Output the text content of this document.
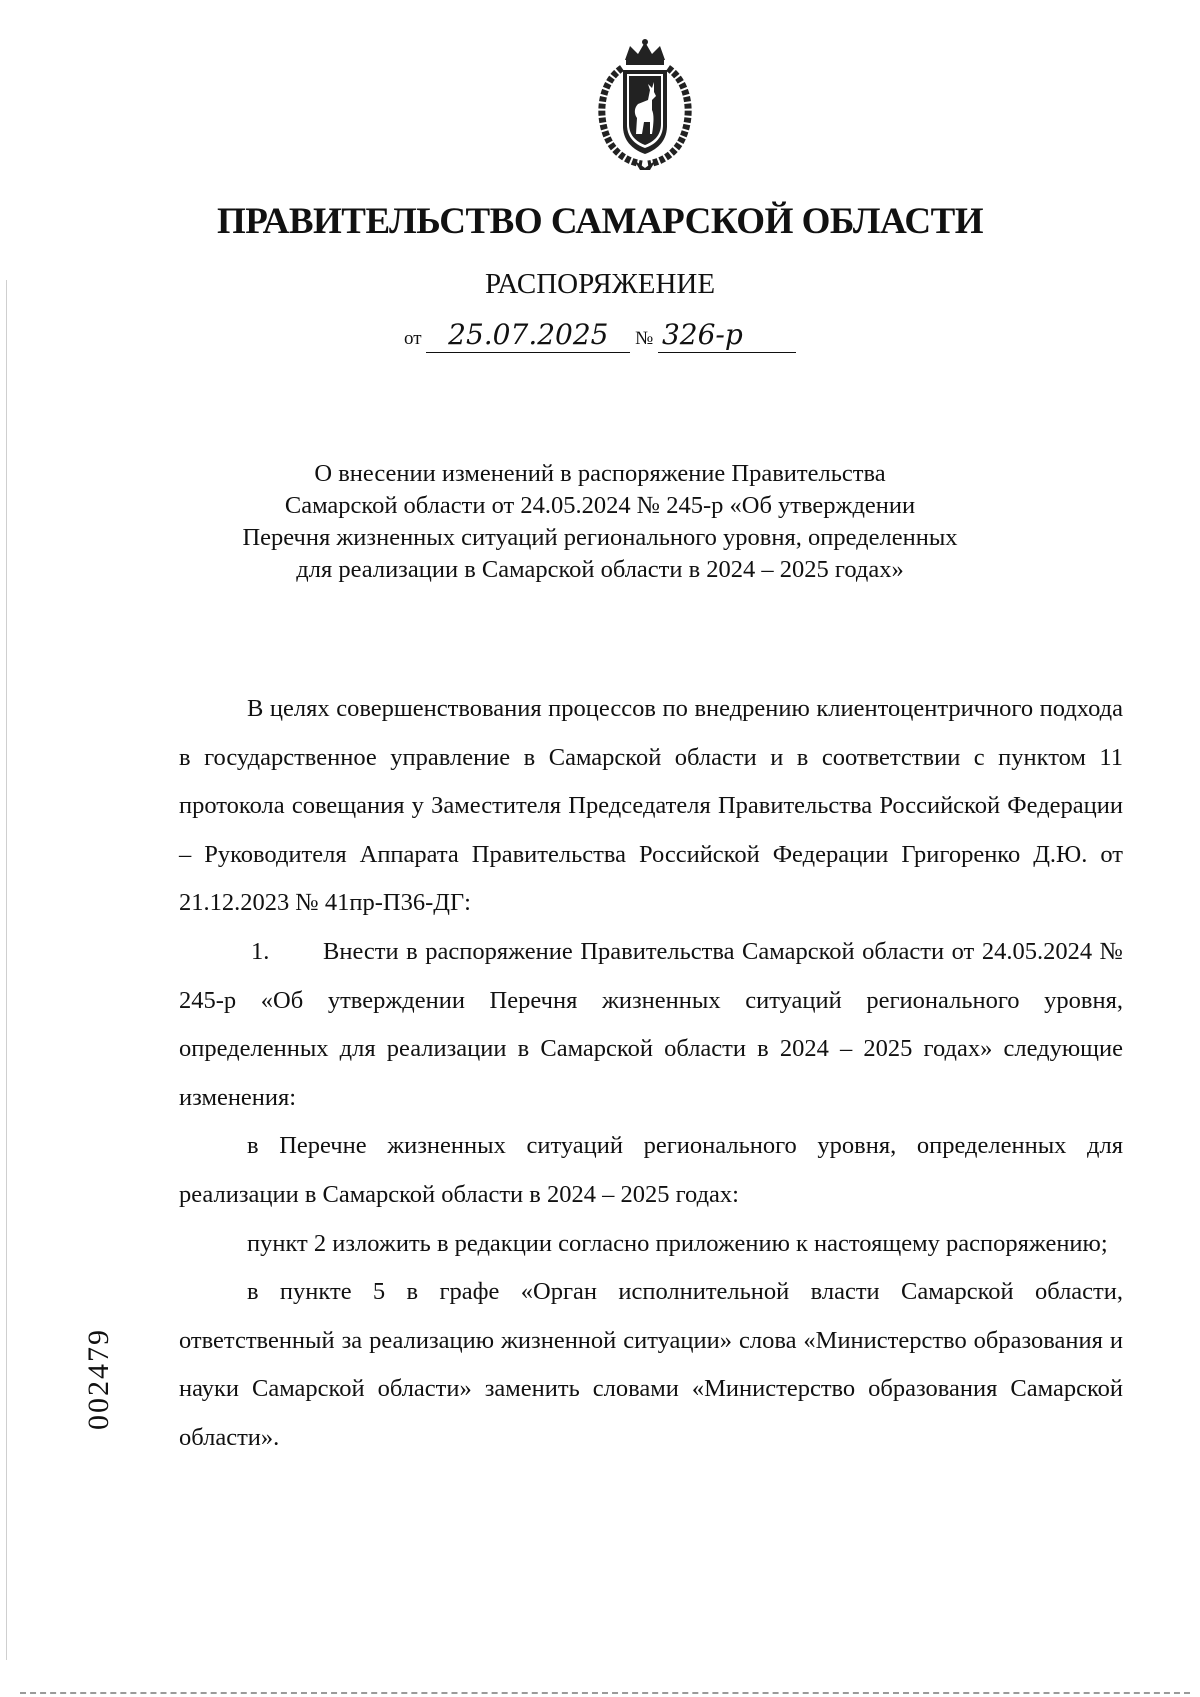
ПРАВИТЕЛЬСТВО САМАРСКОЙ ОБЛАСТИ
РАСПОРЯЖЕНИЕ
от 25.07.2025 № 326-р
О внесении изменений в распоряжение Правительства
Самарской области от 24.05.2024 № 245-р «Об утверждении
Перечня жизненных ситуаций регионального уровня, определенных
для реализации в Самарской области в 2024 – 2025 годах»

В целях совершенствования процессов по внедрению клиентоцентричного подхода в государственное управление в Самарской области и в соответствии с пунктом 11 протокола совещания у Заместителя Председателя Правительства Российской Федерации – Руководителя Аппарата Правительства Российской Федерации Григоренко Д.Ю. от 21.12.2023 № 41пр-П36-ДГ:

1. Внести в распоряжение Правительства Самарской области от 24.05.2024 № 245-р «Об утверждении Перечня жизненных ситуаций регионального уровня, определенных для реализации в Самарской области в 2024 – 2025 годах» следующие изменения:

в Перечне жизненных ситуаций регионального уровня, определенных для реализации в Самарской области в 2024 – 2025 годах:

пункт 2 изложить в редакции согласно приложению к настоящему распоряжению;

в пункте 5 в графе «Орган исполнительной власти Самарской области, ответственный за реализацию жизненной ситуации» слова «Министерство образования и науки Самарской области» заменить словами «Министерство образования Самарской области».

002479
